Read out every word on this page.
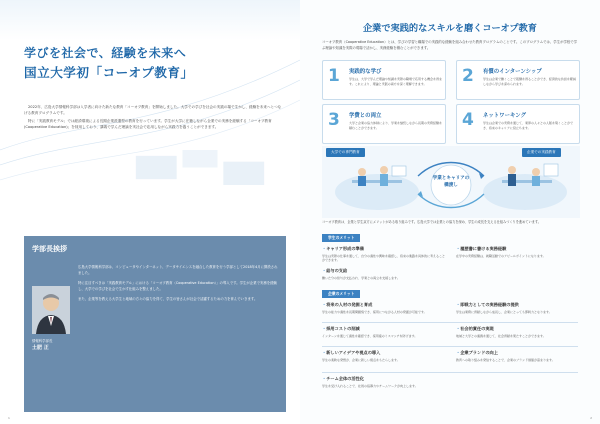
学びを社会で、経験を未来へ
国立大学初「コーオプ教育」

2022年、広島大学情報科学部は入学者に向けた新たな教育「コーオプ教育」を開始しました。大学での学びを社会の実践の場で生かし、経験を未来へとつなげる教育プログラムです。

特に「実践教育モデル」では経済環境による長期企業派遣型の教育を行っています。学生が大学に在籍しながら企業での実務を経験する「コーオプ教育(Cooperative Education)」を採用しており、講義で学んだ理論を実社会で応用しながら実践力を養うことができます。

学部長挨拶
情報科学部長
土肥 正

広島大学情報科学部は、コンピュータやインターネット、データサイエンスを融合した教育を行う学部として2018年4月に開設されました。

特に注目すべきは「実践教育モデル」における「コーオプ教育（Cooperative Education）」の導入です。学生が企業で実務を経験し、大学での学びを社会で生かす仕組みを整えました。

また、企業等を教える大学生と地域の方々の協力を得て、学生の皆さんが社会で活躍するための力を育んでいきます。

1
企業で実践的なスキルを磨くコーオプ教育
コーオプ教育（Cooperative Education）とは、学びの学習と職場での実践的な経験を組み合わせた教育プログラムのことです。このプログラムでは、学生が学校で学ぶ理論や知識を実際の現場で活かし、実務経験を積むことができます。
1 実践的な学び
学生は、大学で学んだ理論や知識を実際の職場で応用する機会を得ます。これにより、理論と実践の両方を深く理解できます。	2 有償のインターンシップ
学生は企業で働くことで報酬を得ることができ、経済的な負担を軽減しながら学びを深められます。
3 学費との両立
大学と企業の協力体制により、学業を継続しながら長期の実務経験を積むことができます。	4 ネットワーキング
学生は企業での実務を通じて、業界の人々との人脈を築くことができ、将来のキャリアに役立ちます。
大学での専門教育	企業での実践教育
学業とキャリアの
橋渡し
コーオプ教育は、企業と学生双方にメリットがある取り組みです。広島大学では企業との協力を深め、学生の成長を支える仕組みづくりを進めています。
学生のメリット
・ キャリア形成の準備
学生は実際の仕事を通して、自分の適性や興味を確認し、将来の進路を具体的に考えることができます。
・ 履歴書に書ける実務経験
在学中の実務経験は、就職活動でのアピールポイントになります。
・ 給与の支給
働いた分の給与が支払われ、学業との両立を支援します。
企業のメリット
・ 将来の人材の発掘と育成
学生の能力や適性を長期間観察でき、採用につながる人材の発掘が可能です。
・ 即戦力としての実務経験の提供
学生は業務に貢献しながら成長し、企業にとっても即戦力となります。
・ 採用コストの削減
インターンを通じて適性を確認でき、採用後のミスマッチを防げます。
・ 社会的責任の実現
地域と大学との連携を通じて、社会貢献を果たすことができます。
・ 新しいアイデアや視点の導入
学生の柔軟な発想が、企業に新しい視点をもたらします。
・ 企業ブランドの向上
教育への取り組みを発信することで、企業のブランド価値が高まります。
・ チーム全体の活性化
学生を受け入れることで、社員の指導力やチームワークが向上します。
2
